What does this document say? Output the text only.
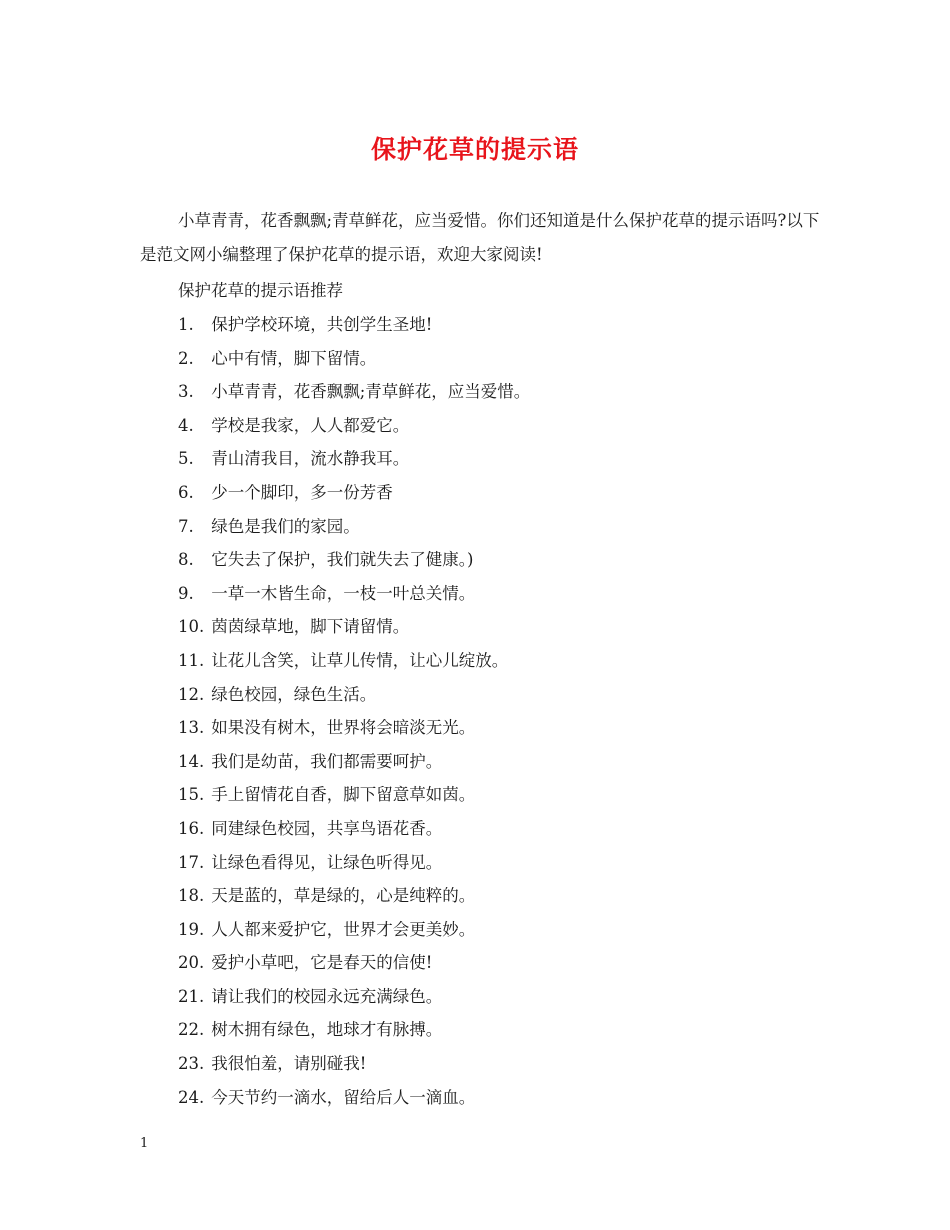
保护花草的提示语

小草青青，花香飘飘;青草鲜花，应当爱惜。你们还知道是什么保护花草的提示语吗?以下是范文网小编整理了保护花草的提示语，欢迎大家阅读!

保护花草的提示语推荐

1. 保护学校环境，共创学生圣地!
2. 心中有情，脚下留情。
3. 小草青青，花香飘飘;青草鲜花，应当爱惜。
4. 学校是我家，人人都爱它。
5. 青山清我目，流水静我耳。
6. 少一个脚印，多一份芳香
7. 绿色是我们的家园。
8. 它失去了保护，我们就失去了健康。)
9. 一草一木皆生命，一枝一叶总关情。
10. 茵茵绿草地，脚下请留情。
11. 让花儿含笑，让草儿传情，让心儿绽放。
12. 绿色校园，绿色生活。
13. 如果没有树木，世界将会暗淡无光。
14. 我们是幼苗，我们都需要呵护。
15. 手上留情花自香，脚下留意草如茵。
16. 同建绿色校园，共享鸟语花香。
17. 让绿色看得见，让绿色听得见。
18. 天是蓝的，草是绿的，心是纯粹的。
19. 人人都来爱护它，世界才会更美妙。
20. 爱护小草吧，它是春天的信使!
21. 请让我们的校园永远充满绿色。
22. 树木拥有绿色，地球才有脉搏。
23. 我很怕羞，请别碰我!
24. 今天节约一滴水，留给后人一滴血。

1
